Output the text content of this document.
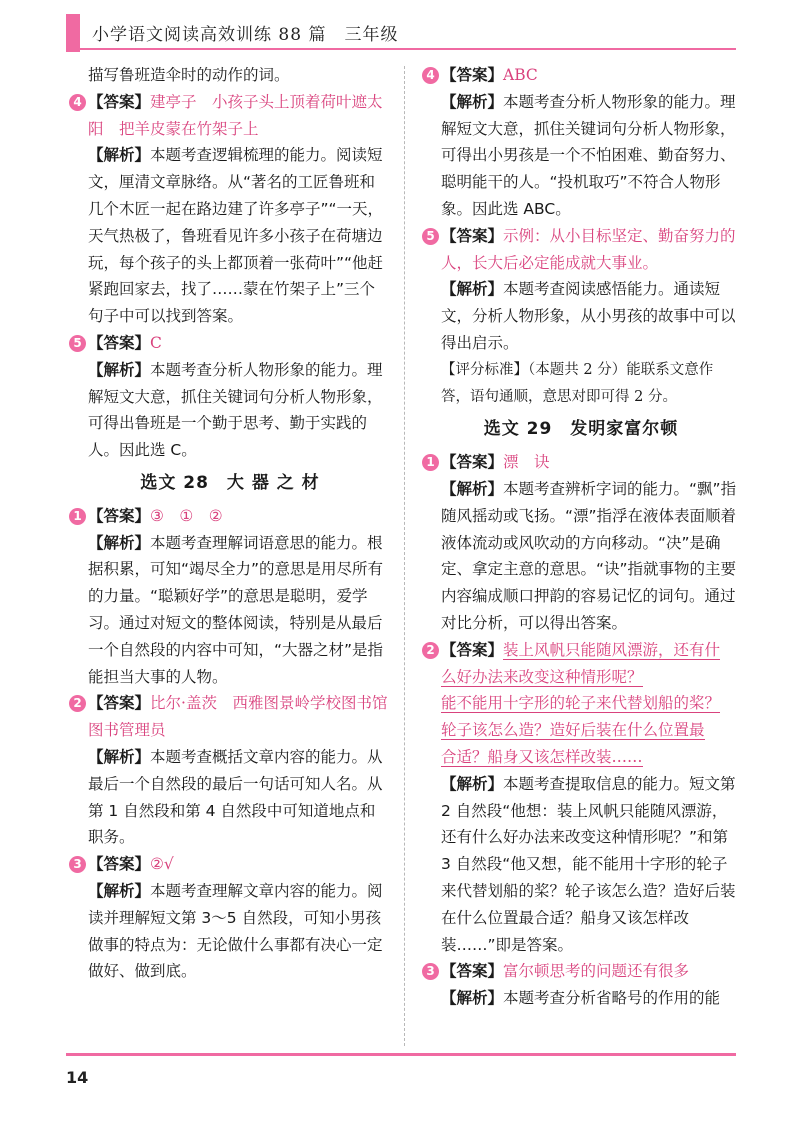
小学语文阅读高效训练 88 篇　三年级

描写鲁班造伞时的动作的词。

4 【答案】建亭子　小孩子头上顶着荷叶遮太阳　把羊皮蒙在竹架子上

【解析】本题考查逻辑梳理的能力。阅读短文，厘清文章脉络。从“著名的工匠鲁班和几个木匠一起在路边建了许多亭子”“一天，天气热极了，鲁班看见许多小孩子在荷塘边玩，每个孩子的头上都顶着一张荷叶”“他赶紧跑回家去，找了……蒙在竹架子上”三个句子中可以找到答案。

5 【答案】C

【解析】本题考查分析人物形象的能力。理解短文大意，抓住关键词句分析人物形象，可得出鲁班是一个勤于思考、勤于实践的人。因此选 C。

选文 28　大 器 之 材
1 【答案】③　①　②

【解析】本题考查理解词语意思的能力。根据积累，可知“竭尽全力”的意思是用尽所有的力量。“聪颖好学”的意思是聪明，爱学习。通过对短文的整体阅读，特别是从最后一个自然段的内容中可知，“大器之材”是指能担当大事的人物。

2 【答案】比尔·盖茨　西雅图景岭学校图书馆　图书管理员

【解析】本题考查概括文章内容的能力。从最后一个自然段的最后一句话可知人名。从第 1 自然段和第 4 自然段中可知道地点和职务。

3 【答案】②√

【解析】本题考查理解文章内容的能力。阅读并理解短文第 3～5 自然段，可知小男孩做事的特点为：无论做什么事都有决心一定做好、做到底。

4 【答案】ABC

【解析】本题考查分析人物形象的能力。理解短文大意，抓住关键词句分析人物形象，可得出小男孩是一个不怕困难、勤奋努力、聪明能干的人。“投机取巧”不符合人物形象。因此选 ABC。

5 【答案】示例：从小目标坚定、勤奋努力的人，长大后必定能成就大事业。

【解析】本题考查阅读感悟能力。通读短文，分析人物形象，从小男孩的故事中可以得出启示。

【评分标准】（本题共 2 分）能联系文意作答，语句通顺，意思对即可得 2 分。

选文 29　发明家富尔顿
1 【答案】漂　诀

【解析】本题考查辨析字词的能力。“飘”指随风摇动或飞扬。“漂”指浮在液体表面顺着液体流动或风吹动的方向移动。“决”是确定、拿定主意的意思。“诀”指就事物的主要内容编成顺口押韵的容易记忆的词句。通过对比分析，可以得出答案。

2 【答案】装上风帆只能随风漂游，还有什
么好办法来改变这种情形呢？
能不能用十字形的轮子来代替划船的桨？
轮子该怎么造？造好后装在什么位置最
合适？船身又该怎样改装……

【解析】本题考查提取信息的能力。短文第 2 自然段“他想：装上风帆只能随风漂游，还有什么好办法来改变这种情形呢？”和第 3 自然段“他又想，能不能用十字形的轮子来代替划船的桨？轮子该怎么造？造好后装在什么位置最合适？船身又该怎样改装……”即是答案。

3 【答案】富尔顿思考的问题还有很多

【解析】本题考查分析省略号的作用的能

14
